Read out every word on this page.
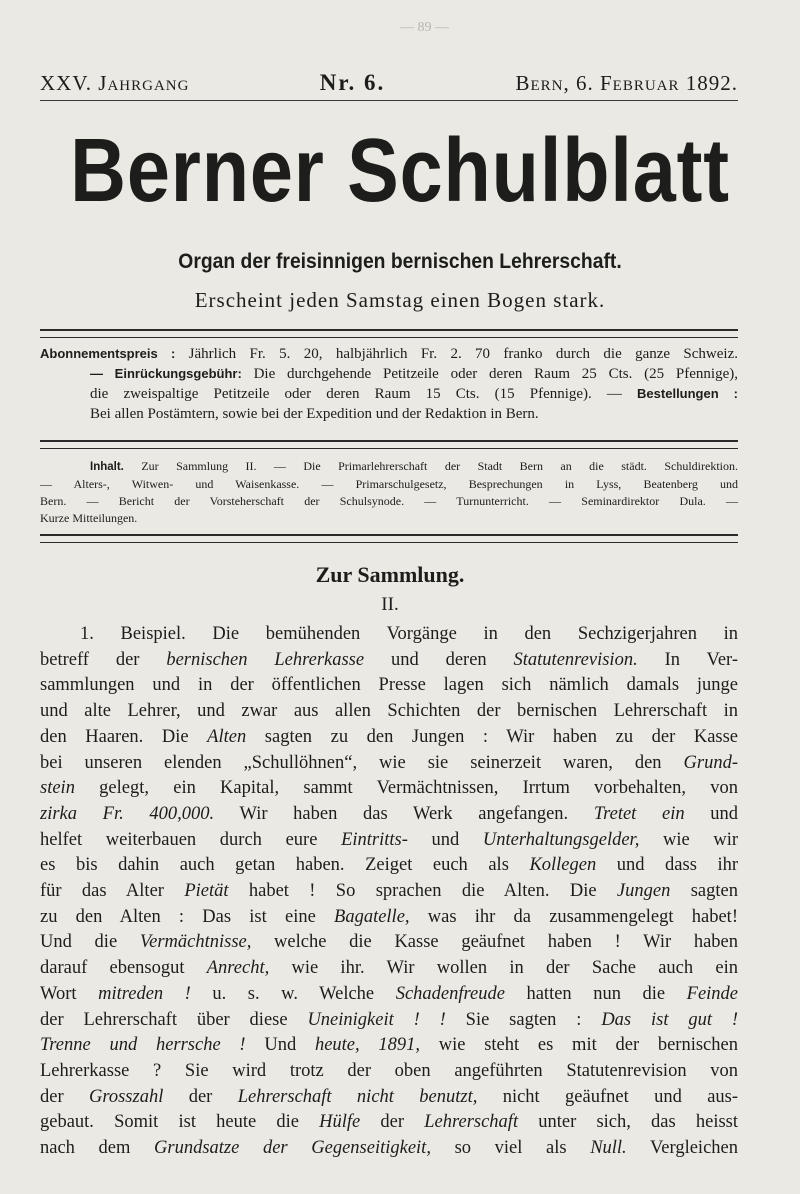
— 89 —
XXV. Jahrgang	Nr. 6.	Bern, 6. Februar 1892.
Berner Schulblatt
Organ der freisinnigen bernischen Lehrerschaft.
Erscheint jeden Samstag einen Bogen stark.
Abonnementspreis : Jährlich Fr. 5. 20, halbjährlich Fr. 2. 70 franko durch die ganze Schweiz.
— Einrückungsgebühr: Die durchgehende Petitzeile oder deren Raum 25 Cts. (25 Pfennige),
die zweispaltige Petitzeile oder deren Raum 15 Cts. (15 Pfennige). — Bestellungen :
Bei allen Postämtern, sowie bei der Expedition und der Redaktion in Bern.
Inhalt. Zur Sammlung II. — Die Primarlehrerschaft der Stadt Bern an die städt. Schuldirektion.
— Alters-, Witwen- und Waisenkasse. — Primarschulgesetz, Besprechungen in Lyss, Beatenberg und
Bern. — Bericht der Vorsteherschaft der Schulsynode. — Turnunterricht. — Seminardirektor Dula. —
Kurze Mitteilungen.
Zur Sammlung.
II.
1. Beispiel. Die bemühenden Vorgänge in den Sechzigerjahren in
betreff der bernischen Lehrerkasse und deren Statutenrevision. In Ver-
sammlungen und in der öffentlichen Presse lagen sich nämlich damals junge
und alte Lehrer, und zwar aus allen Schichten der bernischen Lehrerschaft in
den Haaren. Die Alten sagten zu den Jungen : Wir haben zu der Kasse
bei unseren elenden „Schullöhnen“, wie sie seinerzeit waren, den Grund-
stein gelegt, ein Kapital, sammt Vermächtnissen, Irrtum vorbehalten, von
zirka Fr. 400,000. Wir haben das Werk angefangen. Tretet ein und
helfet weiterbauen durch eure Eintritts- und Unterhaltungsgelder, wie wir
es bis dahin auch getan haben. Zeiget euch als Kollegen und dass ihr
für das Alter Pietät habet ! So sprachen die Alten. Die Jungen sagten
zu den Alten : Das ist eine Bagatelle, was ihr da zusammengelegt habet!
Und die Vermächtnisse, welche die Kasse geäufnet haben ! Wir haben
darauf ebensogut Anrecht, wie ihr. Wir wollen in der Sache auch ein
Wort mitreden ! u. s. w. Welche Schadenfreude hatten nun die Feinde
der Lehrerschaft über diese Uneinigkeit ! ! Sie sagten : Das ist gut !
Trenne und herrsche ! Und heute, 1891, wie steht es mit der bernischen
Lehrerkasse ? Sie wird trotz der oben angeführten Statutenrevision von
der Grosszahl der Lehrerschaft nicht benutzt, nicht geäufnet und aus-
gebaut. Somit ist heute die Hülfe der Lehrerschaft unter sich, das heisst
nach dem Grundsatze der Gegenseitigkeit, so viel als Null. Vergleichen
